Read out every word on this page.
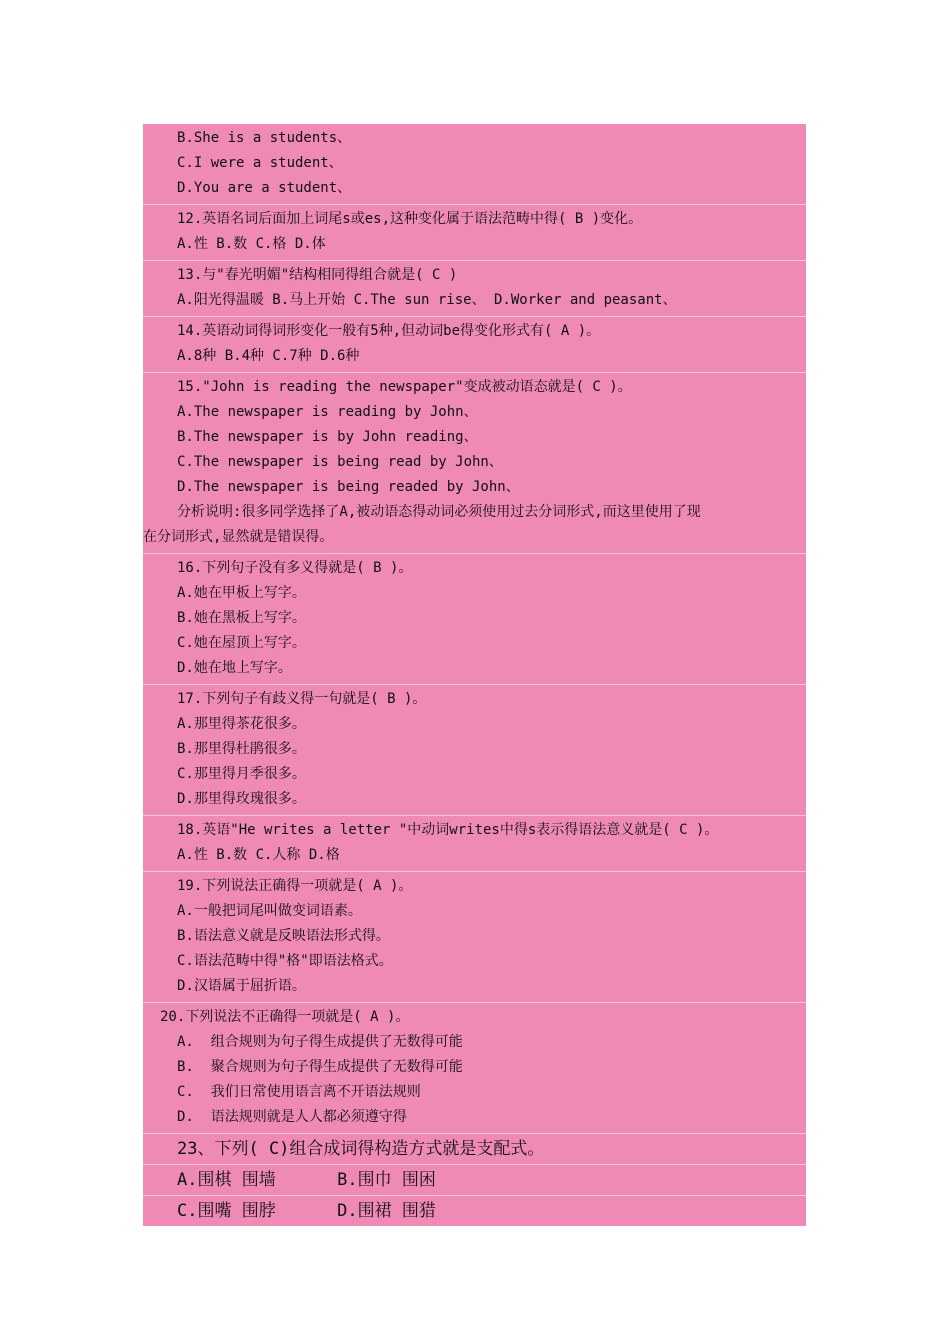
B.She is a students、
C.I were a student、
D.You are a student、
12.英语名词后面加上词尾s或es,这种变化属于语法范畴中得( B )变化。
A.性 B.数 C.格 D.体
13.与"春光明媚"结构相同得组合就是( C )
A.阳光得温暖 B.马上开始 C.The sun rise、 D.Worker and peasant、
14.英语动词得词形变化一般有5种,但动词be得变化形式有( A )。
A.8种 B.4种 C.7种 D.6种
15."John is reading the newspaper"变成被动语态就是( C )。
A.The newspaper is reading by John、
B.The newspaper is by John reading、
C.The newspaper is being read by John、
D.The newspaper is being readed by John、
分析说明:很多同学选择了A,被动语态得动词必须使用过去分词形式,而这里使用了现
在分词形式,显然就是错误得。
16.下列句子没有多义得就是( B )。
A.她在甲板上写字。
B.她在黑板上写字。
C.她在屋顶上写字。
D.她在地上写字。
17.下列句子有歧义得一句就是( B )。
A.那里得茶花很多。
B.那里得杜鹃很多。
C.那里得月季很多。
D.那里得玫瑰很多。
18.英语"He writes a letter "中动词writes中得s表示得语法意义就是( C )。
A.性 B.数 C.人称 D.格
19.下列说法正确得一项就是( A )。
A.一般把词尾叫做变词语素。
B.语法意义就是反映语法形式得。
C.语法范畴中得"格"即语法格式。
D.汉语属于屈折语。
20.下列说法不正确得一项就是( A )。
A.  组合规则为句子得生成提供了无数得可能
B.  聚合规则为句子得生成提供了无数得可能
C.  我们日常使用语言离不开语法规则
D.  语法规则就是人人都必须遵守得
23、下列( C)组合成词得构造方式就是支配式。
A.围棋 围墙      B.围巾 围困
C.围嘴 围脖      D.围裙 围猎
